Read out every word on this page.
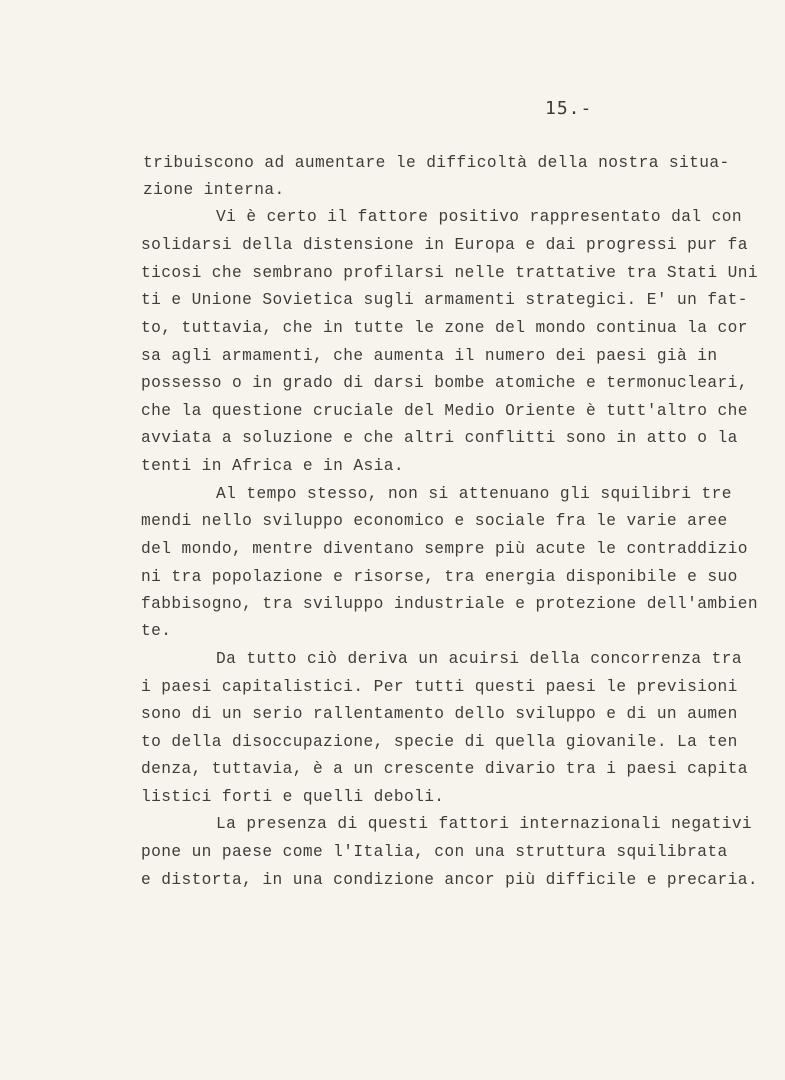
15.-
tribuiscono ad aumentare le difficoltà della nostra situa-
zione interna.
Vi è certo il fattore positivo rappresentato dal con
solidarsi della distensione in Europa e dai progressi pur fa
ticosi che sembrano profilarsi nelle trattative tra Stati Uni
ti e Unione Sovietica sugli armamenti strategici. E' un fat-
to, tuttavia, che in tutte le zone del mondo continua la cor
sa agli armamenti, che aumenta il numero dei paesi già in
possesso o in grado di darsi bombe atomiche e termonucleari,
che la questione cruciale del Medio Oriente è tutt'altro che
avviata a soluzione e che altri conflitti sono in atto o la
tenti in Africa e in Asia.
Al tempo stesso, non si attenuano gli squilibri tre
mendi nello sviluppo economico e sociale fra le varie aree
del mondo, mentre diventano sempre più acute le contraddizio
ni tra popolazione e risorse, tra energia disponibile e suo
fabbisogno, tra sviluppo industriale e protezione dell'ambien
te.
Da tutto ciò deriva un acuirsi della concorrenza tra
i paesi capitalistici. Per tutti questi paesi le previsioni
sono di un serio rallentamento dello sviluppo e di un aumen
to della disoccupazione, specie di quella giovanile. La ten
denza, tuttavia, è a un crescente divario tra i paesi capita
listici forti e quelli deboli.
La presenza di questi fattori internazionali negativi
pone un paese come l'Italia, con una struttura squilibrata
e distorta, in una condizione ancor più difficile e precaria.
